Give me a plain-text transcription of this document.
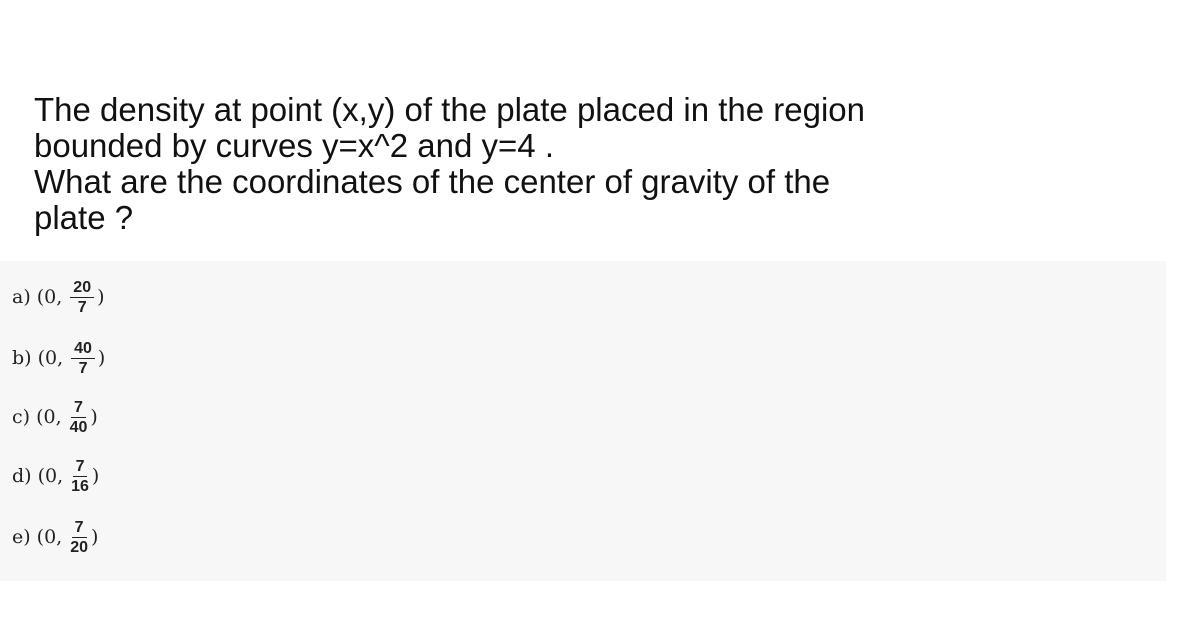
The density at point (x,y) of the plate placed in the region
bounded by curves y=x^2 and y=4 .
What are the coordinates of the center of gravity of the
plate ?
a) (0, $\frac{20}{7}$ )
b) (0, $\frac{40}{7}$ )
c) (0, $\frac{7}{40}$ )
d) (0, $\frac{7}{16}$ )
e) (0, $\frac{7}{20}$ )
